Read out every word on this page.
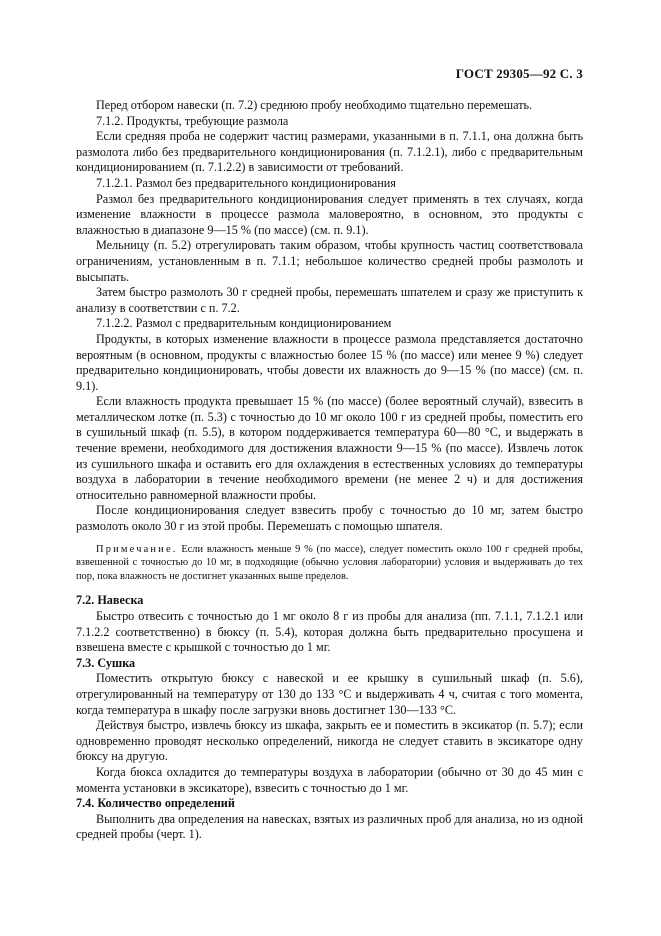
ГОСТ 29305—92 С. 3

Перед отбором навески (п. 7.2) среднюю пробу необходимо тщательно перемешать.

7.1.2. Продукты, требующие размола

Если средняя проба не содержит частиц размерами, указанными в п. 7.1.1, она должна быть размолота либо без предварительного кондиционирования (п. 7.1.2.1), либо с предварительным кондиционированием (п. 7.1.2.2) в зависимости от требований.

7.1.2.1. Размол без предварительного кондиционирования

Размол без предварительного кондиционирования следует применять в тех случаях, когда изменение влажности в процессе размола маловероятно, в основном, это продукты с влажностью в диапазоне 9—15 % (по массе) (см. п. 9.1).

Мельницу (п. 5.2) отрегулировать таким образом, чтобы крупность частиц соответствовала ограничениям, установленным в п. 7.1.1; небольшое количество средней пробы размолоть и выcыпать.

Затем быстро размолоть 30 г средней пробы, перемешать шпателем и сразу же приступить к анализу в соответствии с п. 7.2.

7.1.2.2. Размол с предварительным кондиционированием

Продукты, в которых изменение влажности в процессе размола представляется достаточно вероятным (в основном, продукты с влажностью более 15 % (по массе) или менее 9 %) следует предварительно кондиционировать, чтобы довести их влажность до 9—15 % (по массе) (см. п. 9.1).

Если влажность продукта превышает 15 % (по массе) (более вероятный случай), взвесить в металлическом лотке (п. 5.3) с точностью до 10 мг около 100 г из средней пробы, поместить его в сушильный шкаф (п. 5.5), в котором поддерживается температура 60—80 °С, и выдержать в течение времени, необходимого для достижения влажности 9—15 % (по массе). Извлечь лоток из сушильного шкафа и оставить его для охлаждения в естественных условиях до температуры воздуха в лаборатории в течение необходимого времени (не менее 2 ч) и для достижения относительно равномерной влажности пробы.

После кондиционирования следует взвесить пробу с точностью до 10 мг, затем быстро размолоть около 30 г из этой пробы. Перемешать с помощью шпателя.

Примечание. Если влажность меньше 9 % (по массе), следует поместить около 100 г средней пробы, взвешенной с точностью до 10 мг, в подходящие (обычно условия лаборатории) условия и выдерживать до тех пор, пока влажность не достигнет указанных выше пределов.

7.2. Навеска

Быстро отвесить с точностью до 1 мг около 8 г из пробы для анализа (пп. 7.1.1, 7.1.2.1 или 7.1.2.2 соответственно) в бюксу (п. 5.4), которая должна быть предварительно просушена и взвешена вместе с крышкой с точностью до 1 мг.

7.3. Сушка

Поместить открытую бюксу с навеской и ее крышку в сушильный шкаф (п. 5.6), отрегулированный на температуру от 130 до 133 °С и выдерживать 4 ч, считая с того момента, когда температура в шкафу после загрузки вновь достигнет 130—133 °С.

Действуя быстро, извлечь бюксу из шкафа, закрыть ее и поместить в эксикатор (п. 5.7); если одновременно проводят несколько определений, никогда не следует ставить в эксикаторе одну бюксу на другую.

Когда бюкса охладится до температуры воздуха в лаборатории (обычно от 30 до 45 мин с момента установки в эксикаторе), взвесить с точностью до 1 мг.

7.4. Количество определений

Выполнить два определения на навесках, взятых из различных проб для анализа, но из одной средней пробы (черт. 1).
